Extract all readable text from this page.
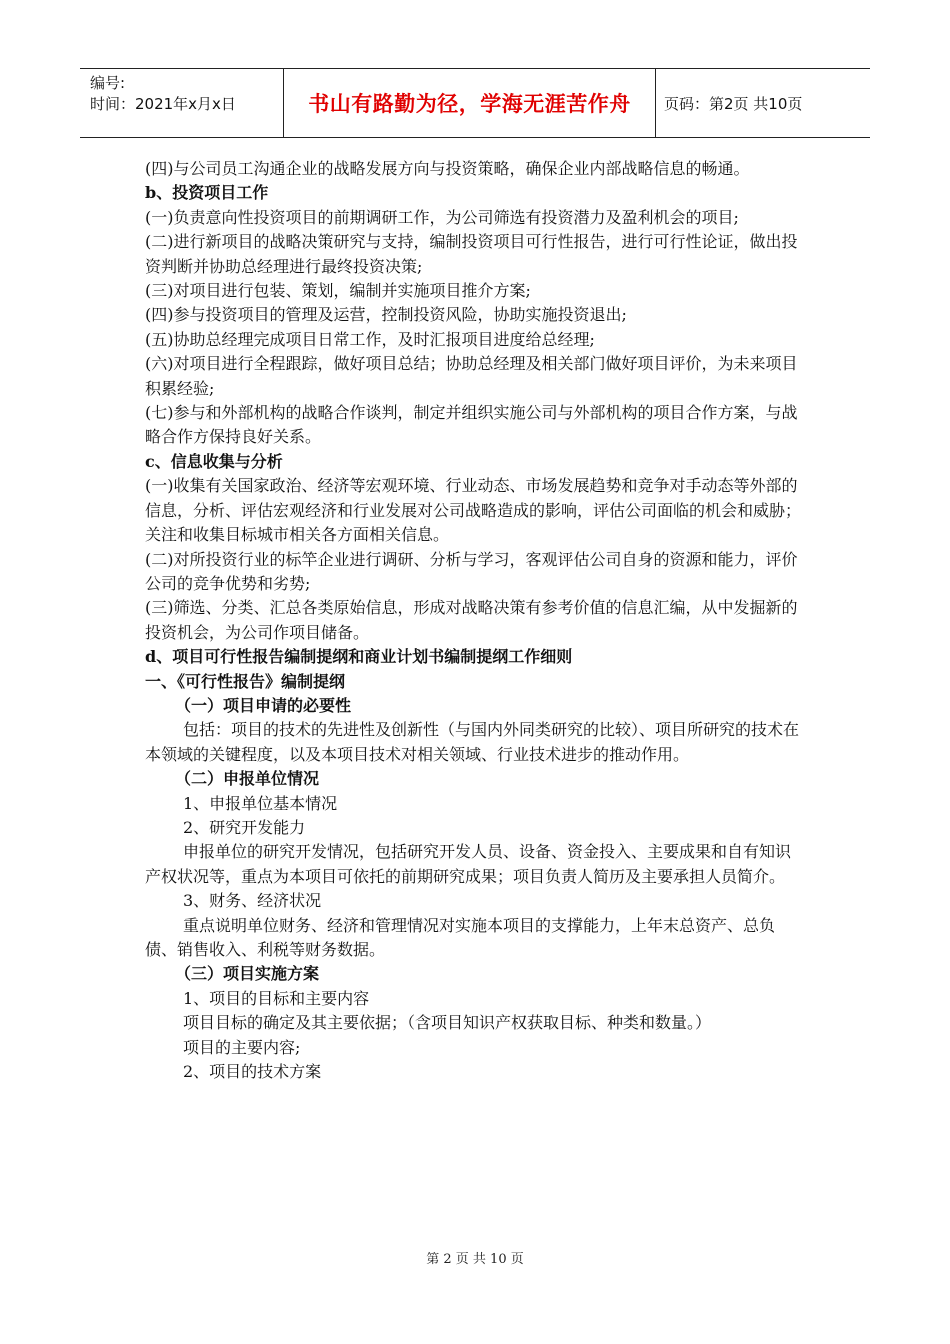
编号:
时间：2021年x月x日	书山有路勤为径，学海无涯苦作舟	页码：第2页 共10页

(四)与公司员工沟通企业的战略发展方向与投资策略，确保企业内部战略信息的畅通。

b、投资项目工作

(一)负责意向性投资项目的前期调研工作，为公司筛选有投资潜力及盈利机会的项目;

(二)进行新项目的战略决策研究与支持，编制投资项目可行性报告，进行可行性论证，做出投资判断并协助总经理进行最终投资决策;

(三)对项目进行包装、策划，编制并实施项目推介方案;

(四)参与投资项目的管理及运营，控制投资风险，协助实施投资退出;

(五)协助总经理完成项目日常工作，及时汇报项目进度给总经理;

(六)对项目进行全程跟踪，做好项目总结；协助总经理及相关部门做好项目评价，为未来项目积累经验;

(七)参与和外部机构的战略合作谈判，制定并组织实施公司与外部机构的项目合作方案，与战略合作方保持良好关系。

c、信息收集与分析

(一)收集有关国家政治、经济等宏观环境、行业动态、市场发展趋势和竞争对手动态等外部的信息，分析、评估宏观经济和行业发展对公司战略造成的影响，评估公司面临的机会和威胁；关注和收集目标城市相关各方面相关信息。

(二)对所投资行业的标竿企业进行调研、分析与学习，客观评估公司自身的资源和能力，评价公司的竞争优势和劣势;

(三)筛选、分类、汇总各类原始信息，形成对战略决策有参考价值的信息汇编，从中发掘新的投资机会，为公司作项目储备。

d、项目可行性报告编制提纲和商业计划书编制提纲工作细则

一、《可行性报告》编制提纲

（一）项目申请的必要性

包括：项目的技术的先进性及创新性（与国内外同类研究的比较）、项目所研究的技术在本领域的关键程度，以及本项目技术对相关领域、行业技术进步的推动作用。

（二）申报单位情况

1、申报单位基本情况

2、研究开发能力

申报单位的研究开发情况，包括研究开发人员、设备、资金投入、主要成果和自有知识产权状况等，重点为本项目可依托的前期研究成果；项目负责人简历及主要承担人员简介。

3、财务、经济状况

重点说明单位财务、经济和管理情况对实施本项目的支撑能力，上年末总资产、总负债、销售收入、利税等财务数据。

（三）项目实施方案

1、项目的目标和主要内容

项目目标的确定及其主要依据；（含项目知识产权获取目标、种类和数量。）

项目的主要内容;

2、项目的技术方案

第 2 页 共 10 页
